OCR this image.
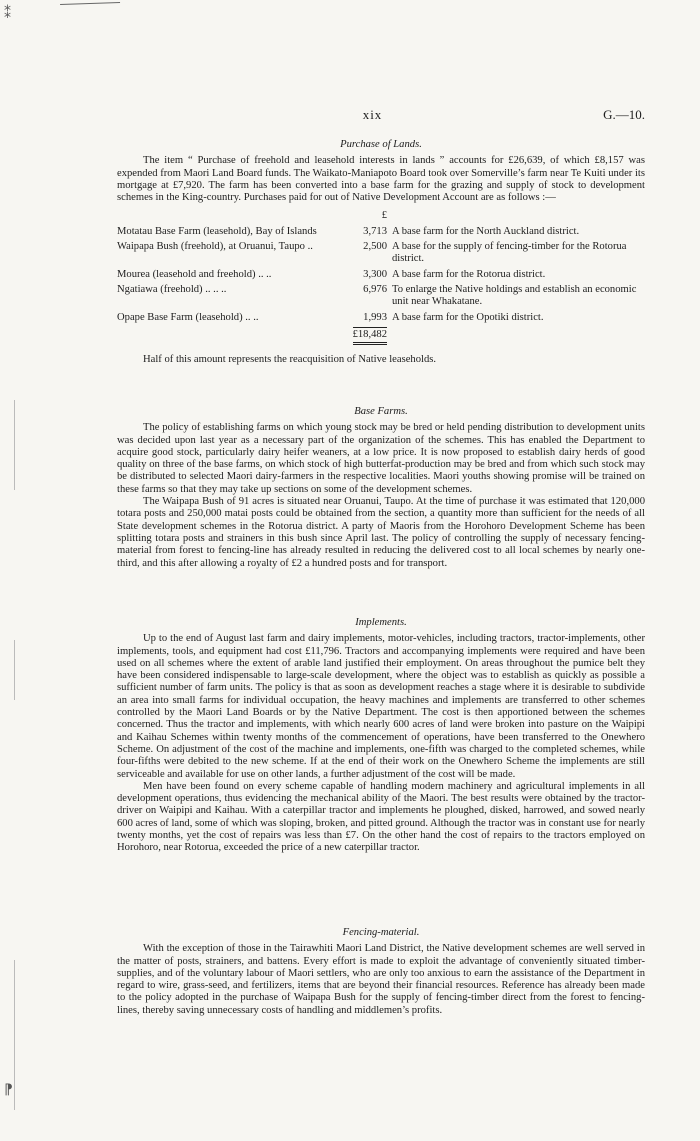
⁑
⁋
xix	G.—10.
Purchase of Lands.

The item “ Purchase of freehold and leasehold interests in lands ” accounts for £26,639, of which £8,157 was expended from Maori Land Board funds. The Waikato-Maniapoto Board took over Somerville’s farm near Te Kuiti under its mortgage at £7,920. The farm has been converted into a base farm for the grazing and supply of stock to development schemes in the King-country. Purchases paid for out of Native Development Account are as follows :—

	£	
Motatau Base Farm (leasehold), Bay of Islands	3,713	A base farm for the North Auckland district.
Waipapa Bush (freehold), at Oruanui, Taupo ..	2,500	A base for the supply of fencing-timber for the Rotorua district.
Mourea (leasehold and freehold) .. ..	3,300	A base farm for the Rotorua district.
Ngatiawa (freehold) .. .. ..	6,976	To enlarge the Native holdings and establish an economic unit near Whakatane.
Opape Base Farm (leasehold) .. ..	1,993	A base farm for the Opotiki district.
	£18,482	

Half of this amount represents the reacquisition of Native leaseholds.

Base Farms.

The policy of establishing farms on which young stock may be bred or held pending distribution to development units was decided upon last year as a necessary part of the organization of the schemes. This has enabled the Department to acquire good stock, particularly dairy heifer weaners, at a low price. It is now proposed to establish dairy herds of good quality on three of the base farms, on which stock of high butterfat-production may be bred and from which such stock may be distributed to selected Maori dairy-farmers in the respective localities. Maori youths showing promise will be trained on these farms so that they may take up sections on some of the development schemes.

The Waipapa Bush of 91 acres is situated near Oruanui, Taupo. At the time of purchase it was estimated that 120,000 totara posts and 250,000 matai posts could be obtained from the section, a quantity more than sufficient for the needs of all State development schemes in the Rotorua district. A party of Maoris from the Horohoro Development Scheme has been splitting totara posts and strainers in this bush since April last. The policy of controlling the supply of necessary fencing-material from forest to fencing-line has already resulted in reducing the delivered cost to all local schemes by nearly one-third, and this after allowing a royalty of £2 a hundred posts and for transport.

Implements.

Up to the end of August last farm and dairy implements, motor-vehicles, including tractors, tractor-implements, other implements, tools, and equipment had cost £11,796. Tractors and accompanying implements were required and have been used on all schemes where the extent of arable land justified their employment. On areas throughout the pumice belt they have been considered indispensable to large-scale development, where the object was to establish as quickly as possible a sufficient number of farm units. The policy is that as soon as development reaches a stage where it is desirable to subdivide an area into small farms for individual occupation, the heavy machines and implements are transferred to other schemes controlled by the Maori Land Boards or by the Native Department. The cost is then apportioned between the schemes concerned. Thus the tractor and implements, with which nearly 600 acres of land were broken into pasture on the Waipipi and Kaihau Schemes within twenty months of the commencement of operations, have been transferred to the Onewhero Scheme. On adjustment of the cost of the machine and implements, one-fifth was charged to the completed schemes, while four-fifths were debited to the new scheme. If at the end of their work on the Onewhero Scheme the implements are still serviceable and available for use on other lands, a further adjustment of the cost will be made.

Men have been found on every scheme capable of handling modern machinery and agricultural implements in all development operations, thus evidencing the mechanical ability of the Maori. The best results were obtained by the tractor-driver on Waipipi and Kaihau. With a caterpillar tractor and implements he ploughed, disked, harrowed, and sowed nearly 600 acres of land, some of which was sloping, broken, and pitted ground. Although the tractor was in constant use for nearly twenty months, yet the cost of repairs was less than £7. On the other hand the cost of repairs to the tractors employed on Horohoro, near Rotorua, exceeded the price of a new caterpillar tractor.

Fencing-material.

With the exception of those in the Tairawhiti Maori Land District, the Native development schemes are well served in the matter of posts, strainers, and battens. Every effort is made to exploit the advantage of conveniently situated timber-supplies, and of the voluntary labour of Maori settlers, who are only too anxious to earn the assistance of the Department in regard to wire, grass-seed, and fertilizers, items that are beyond their financial resources. Reference has already been made to the policy adopted in the purchase of Waipapa Bush for the supply of fencing-timber direct from the forest to fencing-lines, thereby saving unnecessary costs of handling and middlemen’s profits.
